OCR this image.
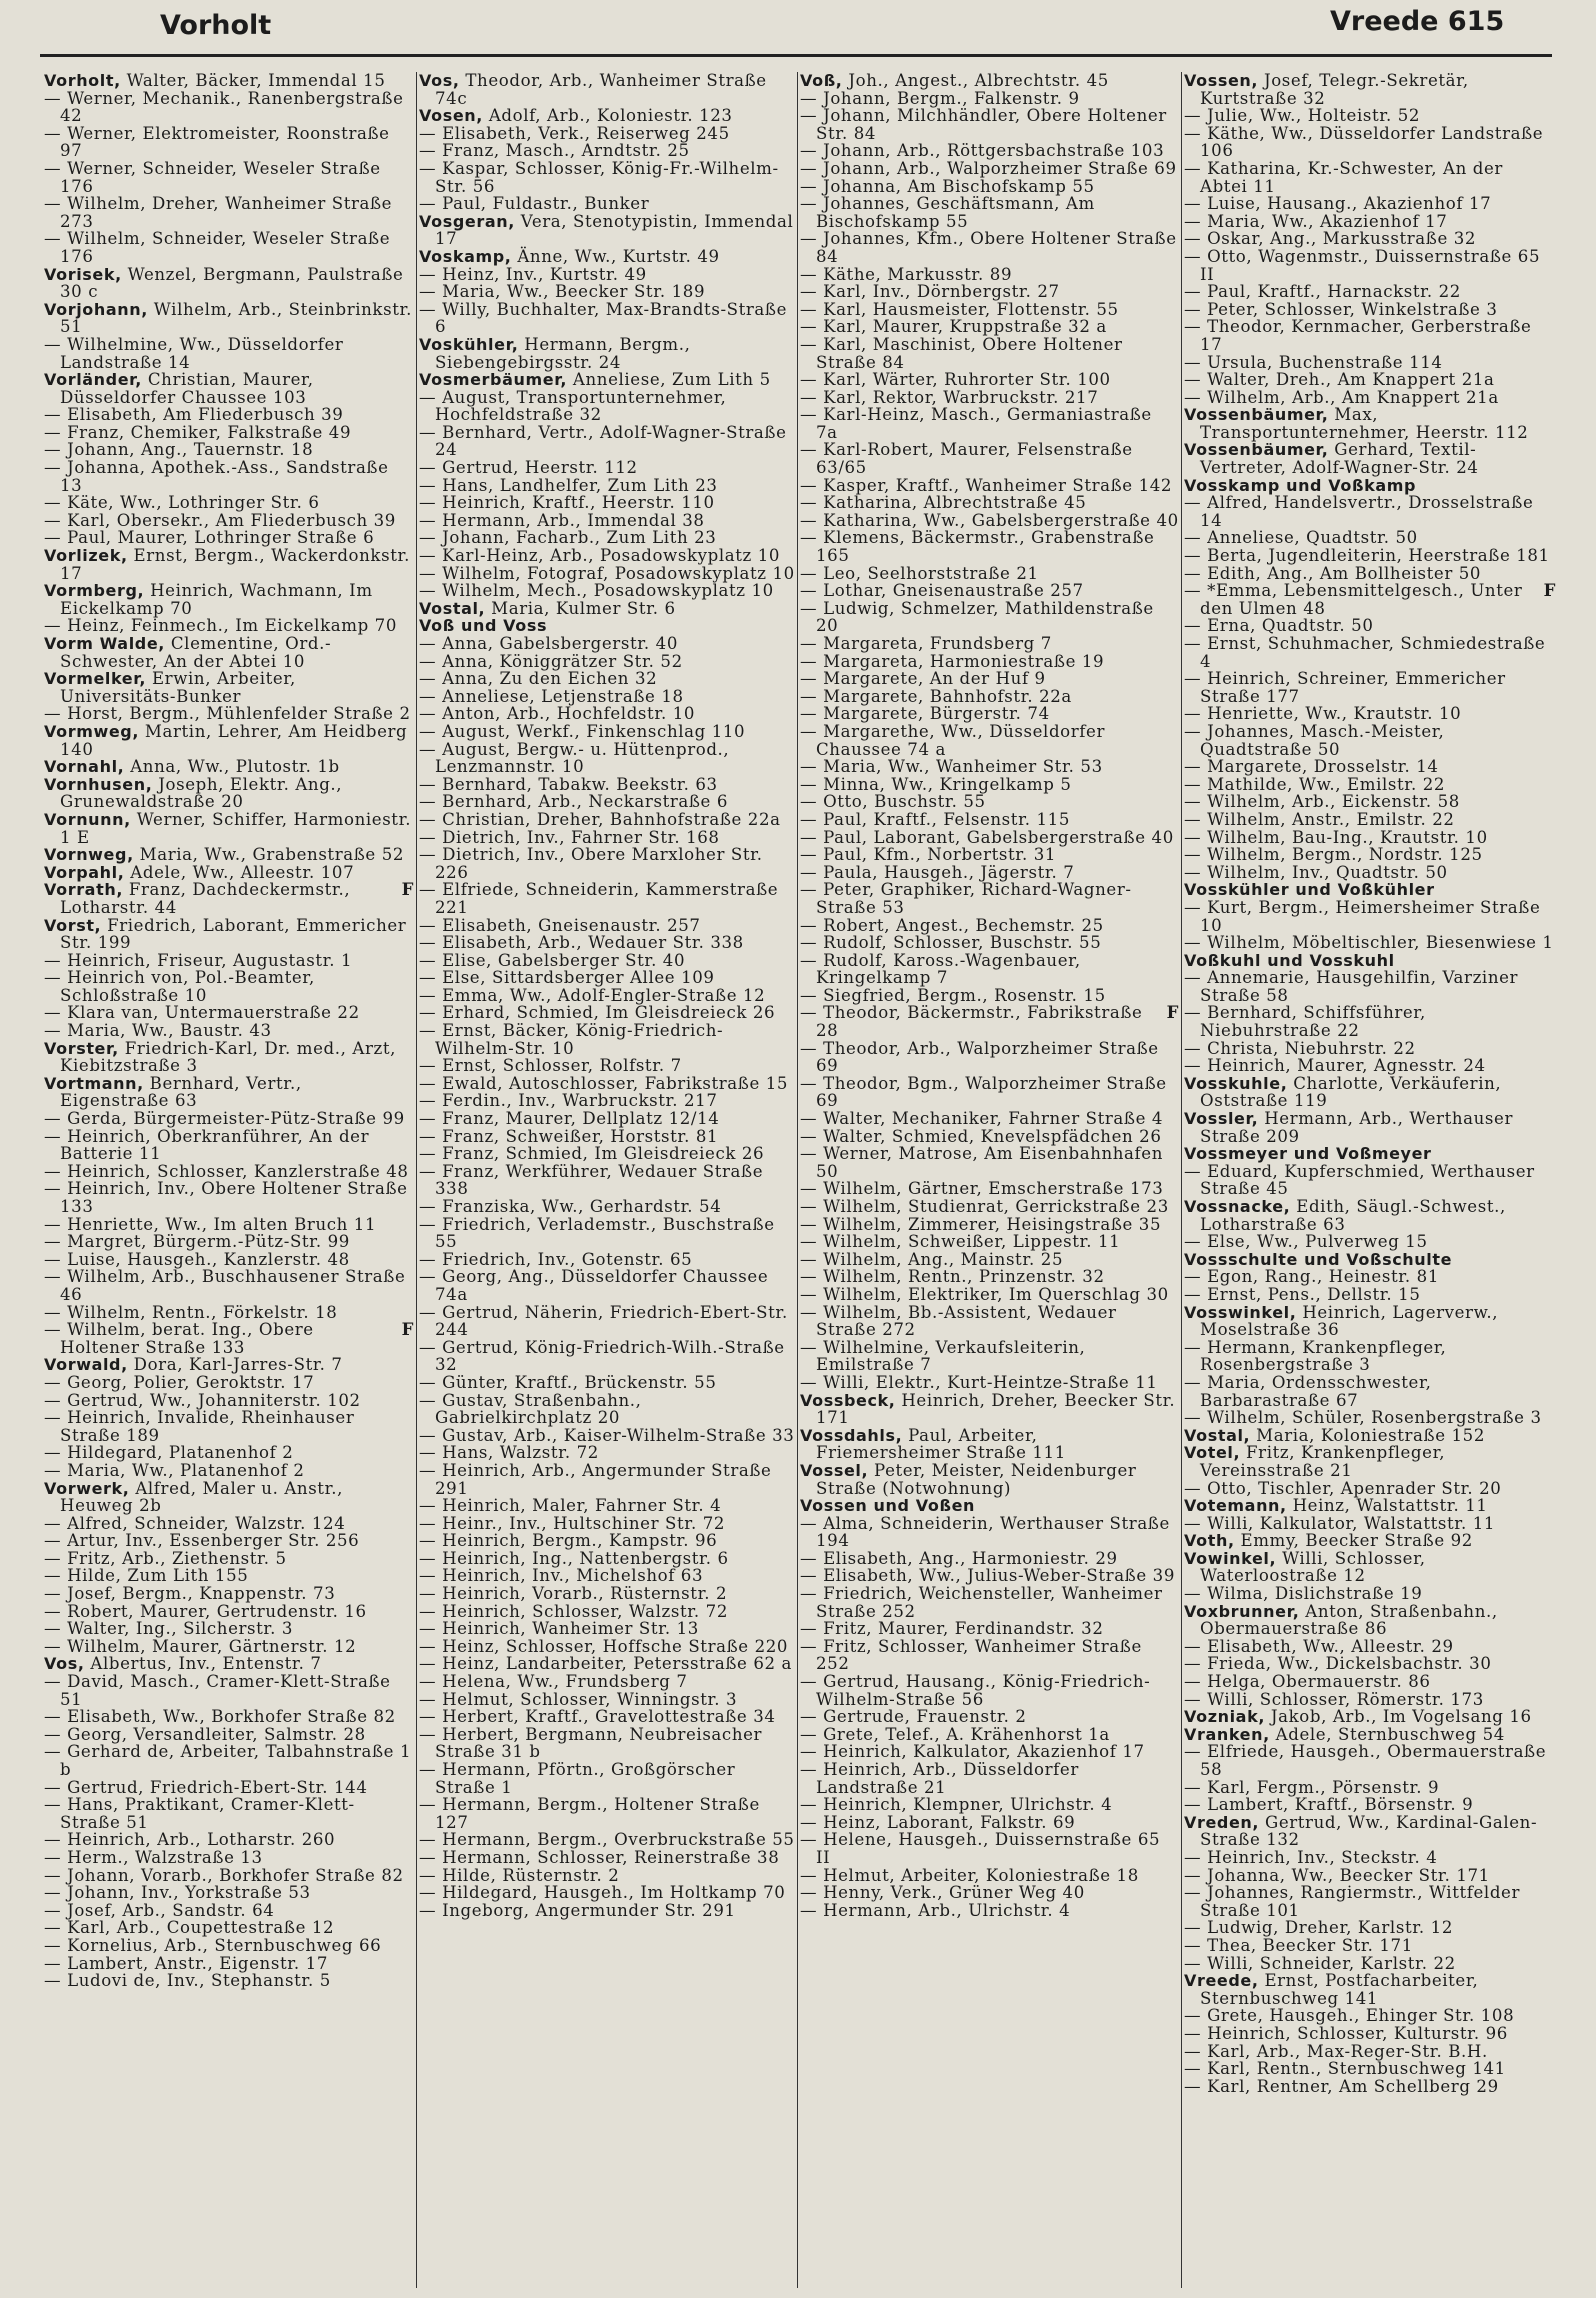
Vorholt	Vreede 615

Vorholt, Walter, Bäcker, Immendal 15

— Werner, Mechanik., Ranenbergstraße 42

— Werner, Elektromeister, Roonstraße 97

— Werner, Schneider, Weseler Straße 176

— Wilhelm, Dreher, Wanheimer Straße 273

— Wilhelm, Schneider, Weseler Straße 176

Vorisek, Wenzel, Bergmann, Paulstraße 30 c

Vorjohann, Wilhelm, Arb., Steinbrinkstr. 51

— Wilhelmine, Ww., Düsseldorfer Landstraße 14

Vorländer, Christian, Maurer, Düsseldorfer Chaussee 103

— Elisabeth, Am Fliederbusch 39

— Franz, Chemiker, Falkstraße 49

— Johann, Ang., Tauernstr. 18

— Johanna, Apothek.-Ass., Sandstraße 13

— Käte, Ww., Lothringer Str. 6

— Karl, Obersekr., Am Fliederbusch 39

— Paul, Maurer, Lothringer Straße 6

Vorlizek, Ernst, Bergm., Wackerdonkstr. 17

Vormberg, Heinrich, Wachmann, Im Eickelkamp 70

— Heinz, Feinmech., Im Eickelkamp 70

Vorm Walde, Clementine, Ord.-Schwester, An der Abtei 10

Vormelker, Erwin, Arbeiter, Universitäts-Bunker

— Horst, Bergm., Mühlenfelder Straße 2

Vormweg, Martin, Lehrer, Am Heidberg 140

Vornahl, Anna, Ww., Plutostr. 1b

Vornhusen, Joseph, Elektr. Ang., Grunewaldstraße 20

Vornunn, Werner, Schiffer, Harmoniestr. 1 E

Vornweg, Maria, Ww., Grabenstraße 52

Vorpahl, Adele, Ww., Alleestr. 107

F
Vorrath, Franz, Dachdeckermstr., Lotharstr. 44

Vorst, Friedrich, Laborant, Emmericher Str. 199

— Heinrich, Friseur, Augustastr. 1

— Heinrich von, Pol.-Beamter, Schloßstraße 10

— Klara van, Untermauerstraße 22

— Maria, Ww., Baustr. 43

Vorster, Friedrich-Karl, Dr. med., Arzt, Kiebitzstraße 3

Vortmann, Bernhard, Vertr., Eigenstraße 63

— Gerda, Bürgermeister-Pütz-Straße 99

— Heinrich, Oberkranführer, An der Batterie 11

— Heinrich, Schlosser, Kanzlerstraße 48

— Heinrich, Inv., Obere Holtener Straße 133

— Henriette, Ww., Im alten Bruch 11

— Margret, Bürgerm.-Pütz-Str. 99

— Luise, Hausgeh., Kanzlerstr. 48

— Wilhelm, Arb., Buschhausener Straße 46

— Wilhelm, Rentn., Förkelstr. 18

F
— Wilhelm, berat. Ing., Obere Holtener Straße 133

Vorwald, Dora, Karl-Jarres-Str. 7

— Georg, Polier, Geroktstr. 17

— Gertrud, Ww., Johanniterstr. 102

— Heinrich, Invalide, Rheinhauser Straße 189

— Hildegard, Platanenhof 2

— Maria, Ww., Platanenhof 2

Vorwerk, Alfred, Maler u. Anstr., Heuweg 2b

— Alfred, Schneider, Walzstr. 124

— Artur, Inv., Essenberger Str. 256

— Fritz, Arb., Ziethenstr. 5

— Hilde, Zum Lith 155

— Josef, Bergm., Knappenstr. 73

— Robert, Maurer, Gertrudenstr. 16

— Walter, Ing., Silcherstr. 3

— Wilhelm, Maurer, Gärtnerstr. 12

Vos, Albertus, Inv., Entenstr. 7

— David, Masch., Cramer-Klett-Straße 51

— Elisabeth, Ww., Borkhofer Straße 82

— Georg, Versandleiter, Salmstr. 28

— Gerhard de, Arbeiter, Talbahnstraße 1 b

— Gertrud, Friedrich-Ebert-Str. 144

— Hans, Praktikant, Cramer-Klett-Straße 51

— Heinrich, Arb., Lotharstr. 260

— Herm., Walzstraße 13

— Johann, Vorarb., Borkhofer Straße 82

— Johann, Inv., Yorkstraße 53

— Josef, Arb., Sandstr. 64

— Karl, Arb., Coupettestraße 12

— Kornelius, Arb., Sternbuschweg 66

— Lambert, Anstr., Eigenstr. 17

— Ludovi de, Inv., Stephanstr. 5

Vos, Theodor, Arb., Wanheimer Straße 74c

Vosen, Adolf, Arb., Koloniestr. 123

— Elisabeth, Verk., Reiserweg 245

— Franz, Masch., Arndtstr. 25

— Kaspar, Schlosser, König-Fr.-Wilhelm-Str. 56

— Paul, Fuldastr., Bunker

Vosgeran, Vera, Stenotypistin, Immendal 17

Voskamp, Änne, Ww., Kurtstr. 49

— Heinz, Inv., Kurtstr. 49

— Maria, Ww., Beecker Str. 189

— Willy, Buchhalter, Max-Brandts-Straße 6

Voskühler, Hermann, Bergm., Siebengebirgsstr. 24

Vosmerbäumer, Anneliese, Zum Lith 5

— August, Transportunternehmer, Hochfeldstraße 32

— Bernhard, Vertr., Adolf-Wagner-Straße 24

— Gertrud, Heerstr. 112

— Hans, Landhelfer, Zum Lith 23

— Heinrich, Kraftf., Heerstr. 110

— Hermann, Arb., Immendal 38

— Johann, Facharb., Zum Lith 23

— Karl-Heinz, Arb., Posadowskyplatz 10

— Wilhelm, Fotograf, Posadowskyplatz 10

— Wilhelm, Mech., Posadowskyplatz 10

Vostal, Maria, Kulmer Str. 6

Voß und Voss

— Anna, Gabelsbergerstr. 40

— Anna, Königgrätzer Str. 52

— Anna, Zu den Eichen 32

— Anneliese, Letjenstraße 18

— Anton, Arb., Hochfeldstr. 10

— August, Werkf., Finkenschlag 110

— August, Bergw.- u. Hüttenprod., Lenzmannstr. 10

— Bernhard, Tabakw. Beekstr. 63

— Bernhard, Arb., Neckarstraße 6

— Christian, Dreher, Bahnhofstraße 22a

— Dietrich, Inv., Fahrner Str. 168

— Dietrich, Inv., Obere Marxloher Str. 226

— Elfriede, Schneiderin, Kammerstraße 221

— Elisabeth, Gneisenaustr. 257

— Elisabeth, Arb., Wedauer Str. 338

— Elise, Gabelsberger Str. 40

— Else, Sittardsberger Allee 109

— Emma, Ww., Adolf-Engler-Straße 12

— Erhard, Schmied, Im Gleisdreieck 26

— Ernst, Bäcker, König-Friedrich-Wilhelm-Str. 10

— Ernst, Schlosser, Rolfstr. 7

— Ewald, Autoschlosser, Fabrikstraße 15

— Ferdin., Inv., Warbruckstr. 217

— Franz, Maurer, Dellplatz 12/14

— Franz, Schweißer, Horststr. 81

— Franz, Schmied, Im Gleisdreieck 26

— Franz, Werkführer, Wedauer Straße 338

— Franziska, Ww., Gerhardstr. 54

— Friedrich, Verlademstr., Buschstraße 55

— Friedrich, Inv., Gotenstr. 65

— Georg, Ang., Düsseldorfer Chaussee 74a

— Gertrud, Näherin, Friedrich-Ebert-Str. 244

— Gertrud, König-Friedrich-Wilh.-Straße 32

— Günter, Kraftf., Brückenstr. 55

— Gustav, Straßenbahn., Gabrielkirchplatz 20

— Gustav, Arb., Kaiser-Wilhelm-Straße 33

— Hans, Walzstr. 72

— Heinrich, Arb., Angermunder Straße 291

— Heinrich, Maler, Fahrner Str. 4

— Heinr., Inv., Hultschiner Str. 72

— Heinrich, Bergm., Kampstr. 96

— Heinrich, Ing., Nattenbergstr. 6

— Heinrich, Inv., Michelshof 63

— Heinrich, Vorarb., Rüsternstr. 2

— Heinrich, Schlosser, Walzstr. 72

— Heinrich, Wanheimer Str. 13

— Heinz, Schlosser, Hoffsche Straße 220

— Heinz, Landarbeiter, Petersstraße 62 a

— Helena, Ww., Frundsberg 7

— Helmut, Schlosser, Winningstr. 3

— Herbert, Kraftf., Gravelottestraße 34

— Herbert, Bergmann, Neubreisacher Straße 31 b

— Hermann, Pförtn., Großgörscher Straße 1

— Hermann, Bergm., Holtener Straße 127

— Hermann, Bergm., Overbruckstraße 55

— Hermann, Schlosser, Reinerstraße 38

— Hilde, Rüsternstr. 2

— Hildegard, Hausgeh., Im Holtkamp 70

— Ingeborg, Angermunder Str. 291

Voß, Joh., Angest., Albrechtstr. 45

— Johann, Bergm., Falkenstr. 9

— Johann, Milchhändler, Obere Holtener Str. 84

— Johann, Arb., Röttgersbachstraße 103

— Johann, Arb., Walporzheimer Straße 69

— Johanna, Am Bischofskamp 55

— Johannes, Geschäftsmann, Am Bischofskamp 55

— Johannes, Kfm., Obere Holtener Straße 84

— Käthe, Markusstr. 89

— Karl, Inv., Dörnbergstr. 27

— Karl, Hausmeister, Flottenstr. 55

— Karl, Maurer, Kruppstraße 32 a

— Karl, Maschinist, Obere Holtener Straße 84

— Karl, Wärter, Ruhrorter Str. 100

— Karl, Rektor, Warbruckstr. 217

— Karl-Heinz, Masch., Germaniastraße 7a

— Karl-Robert, Maurer, Felsenstraße 63/65

— Kasper, Kraftf., Wanheimer Straße 142

— Katharina, Albrechtstraße 45

— Katharina, Ww., Gabelsbergerstraße 40

— Klemens, Bäckermstr., Grabenstraße 165

— Leo, Seelhorststraße 21

— Lothar, Gneisenaustraße 257

— Ludwig, Schmelzer, Mathildenstraße 20

— Margareta, Frundsberg 7

— Margareta, Harmoniestraße 19

— Margarete, An der Huf 9

— Margarete, Bahnhofstr. 22a

— Margarete, Bürgerstr. 74

— Margarethe, Ww., Düsseldorfer Chaussee 74 a

— Maria, Ww., Wanheimer Str. 53

— Minna, Ww., Kringelkamp 5

— Otto, Buschstr. 55

— Paul, Kraftf., Felsenstr. 115

— Paul, Laborant, Gabelsbergerstraße 40

— Paul, Kfm., Norbertstr. 31

— Paula, Hausgeh., Jägerstr. 7

— Peter, Graphiker, Richard-Wagner-Straße 53

— Robert, Angest., Bechemstr. 25

— Rudolf, Schlosser, Buschstr. 55

— Rudolf, Kaross.-Wagenbauer, Kringelkamp 7

— Siegfried, Bergm., Rosenstr. 15

F
— Theodor, Bäckermstr., Fabrikstraße 28

— Theodor, Arb., Walporzheimer Straße 69

— Theodor, Bgm., Walporzheimer Straße 69

— Walter, Mechaniker, Fahrner Straße 4

— Walter, Schmied, Knevelspfädchen 26

— Werner, Matrose, Am Eisenbahnhafen 50

— Wilhelm, Gärtner, Emscherstraße 173

— Wilhelm, Studienrat, Gerrickstraße 23

— Wilhelm, Zimmerer, Heisingstraße 35

— Wilhelm, Schweißer, Lippestr. 11

— Wilhelm, Ang., Mainstr. 25

— Wilhelm, Rentn., Prinzenstr. 32

— Wilhelm, Elektriker, Im Querschlag 30

— Wilhelm, Bb.-Assistent, Wedauer Straße 272

— Wilhelmine, Verkaufsleiterin, Emilstraße 7

— Willi, Elektr., Kurt-Heintze-Straße 11

Vossbeck, Heinrich, Dreher, Beecker Str. 171

Vossdahls, Paul, Arbeiter, Friemersheimer Straße 111

Vossel, Peter, Meister, Neidenburger Straße (Notwohnung)

Vossen und Voßen

— Alma, Schneiderin, Werthauser Straße 194

— Elisabeth, Ang., Harmoniestr. 29

— Elisabeth, Ww., Julius-Weber-Straße 39

— Friedrich, Weichensteller, Wanheimer Straße 252

— Fritz, Maurer, Ferdinandstr. 32

— Fritz, Schlosser, Wanheimer Straße 252

— Gertrud, Hausang., König-Friedrich-Wilhelm-Straße 56

— Gertrude, Frauenstr. 2

— Grete, Telef., A. Krähenhorst 1a

— Heinrich, Kalkulator, Akazienhof 17

— Heinrich, Arb., Düsseldorfer Landstraße 21

— Heinrich, Klempner, Ulrichstr. 4

— Heinz, Laborant, Falkstr. 69

— Helene, Hausgeh., Duissernstraße 65 II

— Helmut, Arbeiter, Koloniestraße 18

— Henny, Verk., Grüner Weg 40

— Hermann, Arb., Ulrichstr. 4

Vossen, Josef, Telegr.-Sekretär, Kurtstraße 32

— Julie, Ww., Holteistr. 52

— Käthe, Ww., Düsseldorfer Landstraße 106

— Katharina, Kr.-Schwester, An der Abtei 11

— Luise, Hausang., Akazienhof 17

— Maria, Ww., Akazienhof 17

— Oskar, Ang., Markusstraße 32

— Otto, Wagenmstr., Duissernstraße 65 II

— Paul, Kraftf., Harnackstr. 22

— Peter, Schlosser, Winkelstraße 3

— Theodor, Kernmacher, Gerberstraße 17

— Ursula, Buchenstraße 114

— Walter, Dreh., Am Knappert 21a

— Wilhelm, Arb., Am Knappert 21a

Vossenbäumer, Max, Transportunternehmer, Heerstr. 112

Vossenbäumer, Gerhard, Textil-Vertreter, Adolf-Wagner-Str. 24

Vosskamp und Voßkamp

— Alfred, Handelsvertr., Drosselstraße 14

— Anneliese, Quadtstr. 50

— Berta, Jugendleiterin, Heerstraße 181

— Edith, Ang., Am Bollheister 50

F
— *Emma, Lebensmittelgesch., Unter den Ulmen 48

— Erna, Quadtstr. 50

— Ernst, Schuhmacher, Schmiedestraße 4

— Heinrich, Schreiner, Emmericher Straße 177

— Henriette, Ww., Krautstr. 10

— Johannes, Masch.-Meister, Quadtstraße 50

— Margarete, Drosselstr. 14

— Mathilde, Ww., Emilstr. 22

— Wilhelm, Arb., Eickenstr. 58

— Wilhelm, Anstr., Emilstr. 22

— Wilhelm, Bau-Ing., Krautstr. 10

— Wilhelm, Bergm., Nordstr. 125

— Wilhelm, Inv., Quadtstr. 50

Vosskühler und Voßkühler

— Kurt, Bergm., Heimersheimer Straße 10

— Wilhelm, Möbeltischler, Biesenwiese 1

Voßkuhl und Vosskuhl

— Annemarie, Hausgehilfin, Varziner Straße 58

— Bernhard, Schiffsführer, Niebuhrstraße 22

— Christa, Niebuhrstr. 22

— Heinrich, Maurer, Agnesstr. 24

Vosskuhle, Charlotte, Verkäuferin, Oststraße 119

Vossler, Hermann, Arb., Werthauser Straße 209

Vossmeyer und Voßmeyer

— Eduard, Kupferschmied, Werthauser Straße 45

Vossnacke, Edith, Säugl.-Schwest., Lotharstraße 63

— Else, Ww., Pulverweg 15

Vossschulte und Voßschulte

— Egon, Rang., Heinestr. 81

— Ernst, Pens., Dellstr. 15

Vosswinkel, Heinrich, Lagerverw., Moselstraße 36

— Hermann, Krankenpfleger, Rosenbergstraße 3

— Maria, Ordensschwester, Barbarastraße 67

— Wilhelm, Schüler, Rosenbergstraße 3

Vostal, Maria, Koloniestraße 152

Votel, Fritz, Krankenpfleger, Vereinsstraße 21

— Otto, Tischler, Apenrader Str. 20

Votemann, Heinz, Walstattstr. 11

— Willi, Kalkulator, Walstattstr. 11

Voth, Emmy, Beecker Straße 92

Vowinkel, Willi, Schlosser, Waterloostraße 12

— Wilma, Dislichstraße 19

Voxbrunner, Anton, Straßenbahn., Obermauerstraße 86

— Elisabeth, Ww., Alleestr. 29

— Frieda, Ww., Dickelsbachstr. 30

— Helga, Obermauerstr. 86

— Willi, Schlosser, Römerstr. 173

Vozniak, Jakob, Arb., Im Vogelsang 16

Vranken, Adele, Sternbuschweg 54

— Elfriede, Hausgeh., Obermauerstraße 58

— Karl, Fergm., Pörsenstr. 9

— Lambert, Kraftf., Börsenstr. 9

Vreden, Gertrud, Ww., Kardinal-Galen-Straße 132

— Heinrich, Inv., Steckstr. 4

— Johanna, Ww., Beecker Str. 171

— Johannes, Rangiermstr., Wittfelder Straße 101

— Ludwig, Dreher, Karlstr. 12

— Thea, Beecker Str. 171

— Willi, Schneider, Karlstr. 22

Vreede, Ernst, Postfacharbeiter, Sternbuschweg 141

— Grete, Hausgeh., Ehinger Str. 108

— Heinrich, Schlosser, Kulturstr. 96

— Karl, Arb., Max-Reger-Str. B.H.

— Karl, Rentn., Sternbuschweg 141

— Karl, Rentner, Am Schellberg 29
